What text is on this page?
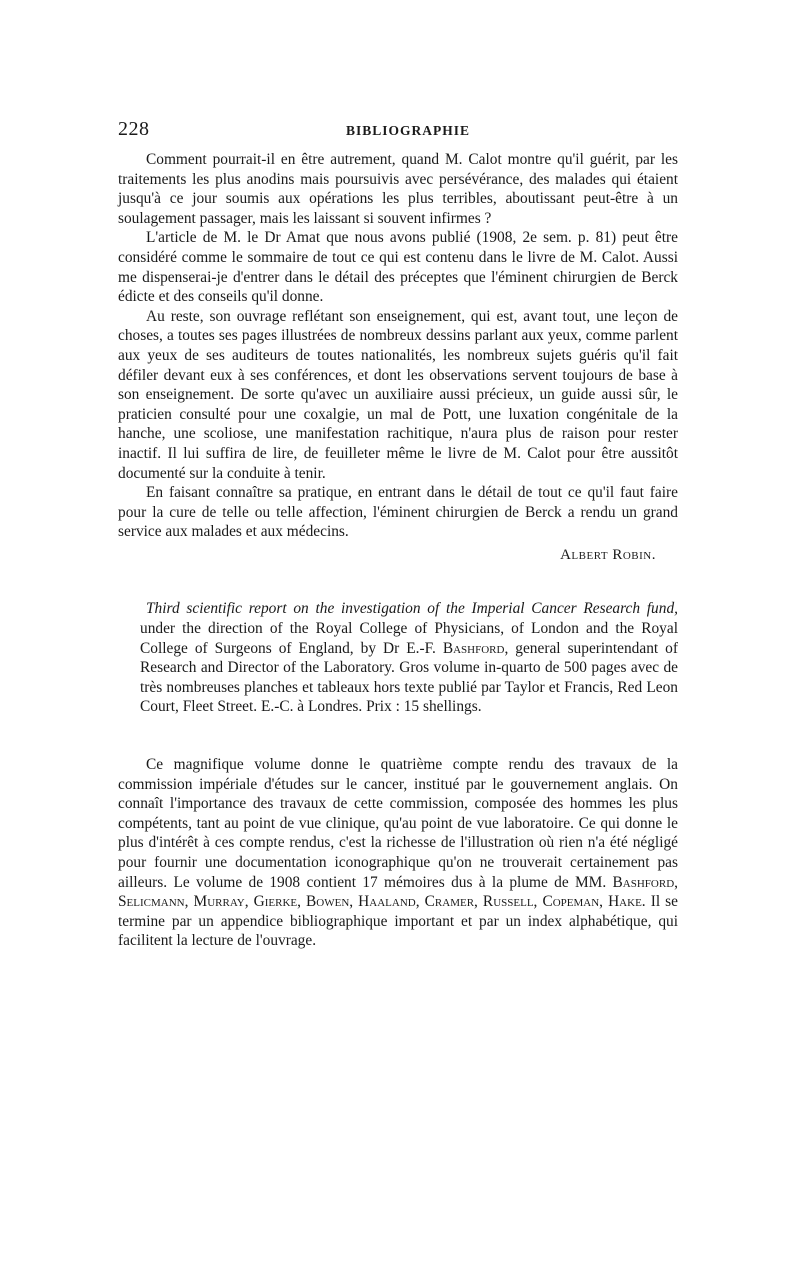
228	BIBLIOGRAPHIE

Comment pourrait-il en être autrement, quand M. Calot montre qu'il guérit, par les traitements les plus anodins mais poursuivis avec persévérance, des malades qui étaient jusqu'à ce jour soumis aux opérations les plus terribles, aboutissant peut-être à un soulagement passager, mais les laissant si souvent infirmes ?

L'article de M. le Dr Amat que nous avons publié (1908, 2e sem. p. 81) peut être considéré comme le sommaire de tout ce qui est contenu dans le livre de M. Calot. Aussi me dispenserai-je d'entrer dans le détail des préceptes que l'éminent chirurgien de Berck édicte et des conseils qu'il donne.

Au reste, son ouvrage reflétant son enseignement, qui est, avant tout, une leçon de choses, a toutes ses pages illustrées de nombreux dessins parlant aux yeux, comme parlent aux yeux de ses auditeurs de toutes nationalités, les nombreux sujets guéris qu'il fait défiler devant eux à ses conférences, et dont les observations servent toujours de base à son enseignement. De sorte qu'avec un auxiliaire aussi précieux, un guide aussi sûr, le praticien consulté pour une coxalgie, un mal de Pott, une luxation congénitale de la hanche, une scoliose, une manifestation rachitique, n'aura plus de raison pour rester inactif. Il lui suffira de lire, de feuilleter même le livre de M. Calot pour être aussitôt documenté sur la conduite à tenir.

En faisant connaître sa pratique, en entrant dans le détail de tout ce qu'il faut faire pour la cure de telle ou telle affection, l'éminent chirurgien de Berck a rendu un grand service aux malades et aux médecins.

Albert Robin.

Third scientific report on the investigation of the Imperial Cancer Research fund, under the direction of the Royal College of Physicians, of London and the Royal College of Surgeons of England, by Dr E.-F. Bashford, general superintendant of Research and Director of the Laboratory. Gros volume in-quarto de 500 pages avec de très nombreuses planches et tableaux hors texte publié par Taylor et Francis, Red Leon Court, Fleet Street. E.-C. à Londres. Prix : 15 shellings.

Ce magnifique volume donne le quatrième compte rendu des travaux de la commission impériale d'études sur le cancer, institué par le gouvernement anglais. On connaît l'importance des travaux de cette commission, composée des hommes les plus compétents, tant au point de vue clinique, qu'au point de vue laboratoire. Ce qui donne le plus d'intérêt à ces compte rendus, c'est la richesse de l'illustration où rien n'a été négligé pour fournir une documentation iconographique qu'on ne trouverait certainement pas ailleurs. Le volume de 1908 contient 17 mémoires dus à la plume de MM. Bashford, Selicmann, Murray, Gierke, Bowen, Haaland, Cramer, Russell, Copeman, Hake. Il se termine par un appendice bibliographique important et par un index alphabétique, qui facilitent la lecture de l'ouvrage.
